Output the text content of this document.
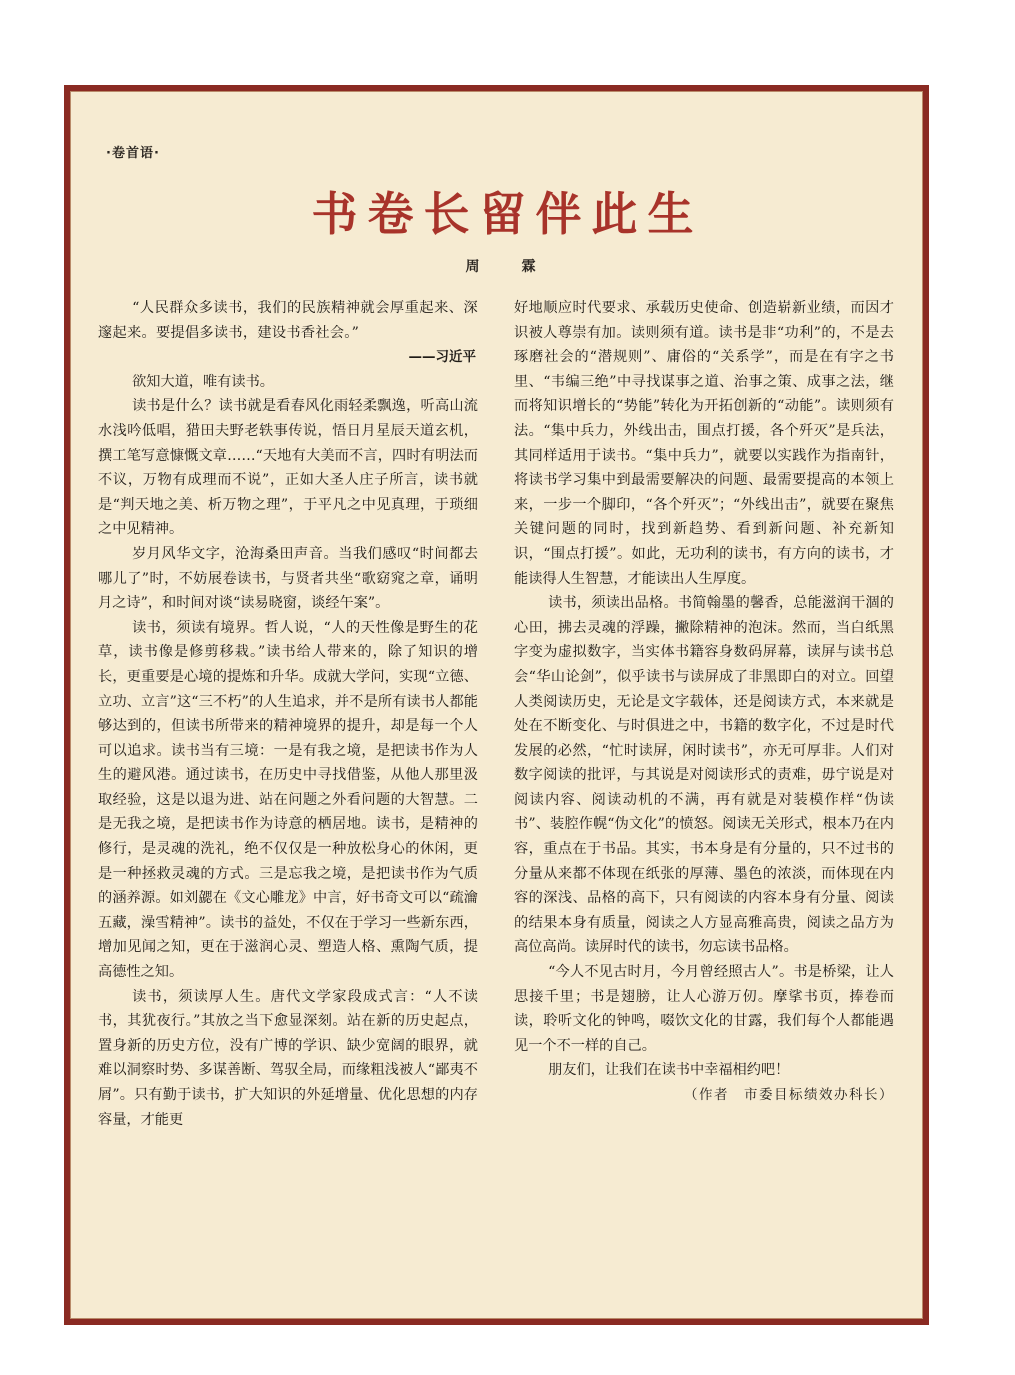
·卷首语·
书卷长留伴此生
周　霖

“人民群众多读书，我们的民族精神就会厚重起来、深邃起来。要提倡多读书，建设书香社会。”

——习近平

欲知大道，唯有读书。

读书是什么？读书就是看春风化雨轻柔飘逸，听高山流水浅吟低唱，猎田夫野老轶事传说，悟日月星辰天道玄机，撰工笔写意慷慨文章……“天地有大美而不言，四时有明法而不议，万物有成理而不说”，正如大圣人庄子所言，读书就是“判天地之美、析万物之理”，于平凡之中见真理，于琐细之中见精神。

岁月风华文字，沧海桑田声音。当我们感叹“时间都去哪儿了”时，不妨展卷读书，与贤者共坐“歌窈窕之章，诵明月之诗”，和时间对谈“读易晓窗，谈经午案”。

读书，须读有境界。哲人说，“人的天性像是野生的花草，读书像是修剪移栽。”读书给人带来的，除了知识的增长，更重要是心境的提炼和升华。成就大学问，实现“立德、立功、立言”这“三不朽”的人生追求，并不是所有读书人都能够达到的，但读书所带来的精神境界的提升，却是每一个人可以追求。读书当有三境：一是有我之境，是把读书作为人生的避风港。通过读书，在历史中寻找借鉴，从他人那里汲取经验，这是以退为进、站在问题之外看问题的大智慧。二是无我之境，是把读书作为诗意的栖居地。读书，是精神的修行，是灵魂的洗礼，绝不仅仅是一种放松身心的休闲，更是一种拯救灵魂的方式。三是忘我之境，是把读书作为气质的涵养源。如刘勰在《文心雕龙》中言，好书奇文可以“疏瀹五藏，澡雪精神”。读书的益处，不仅在于学习一些新东西，增加见闻之知，更在于滋润心灵、塑造人格、熏陶气质，提高德性之知。

读书，须读厚人生。唐代文学家段成式言：“人不读书，其犹夜行。”其放之当下愈显深刻。站在新的历史起点，置身新的历史方位，没有广博的学识、缺少宽阔的眼界，就难以洞察时势、多谋善断、驾驭全局，而缘粗浅被人“鄙夷不屑”。只有勤于读书，扩大知识的外延增量、优化思想的内存容量，才能更

好地顺应时代要求、承载历史使命、创造崭新业绩，而因才识被人尊崇有加。读则须有道。读书是非“功利”的，不是去琢磨社会的“潜规则”、庸俗的“关系学”，而是在有字之书里、“韦编三绝”中寻找谋事之道、治事之策、成事之法，继而将知识增长的“势能”转化为开拓创新的“动能”。读则须有法。“集中兵力，外线出击，围点打援，各个歼灭”是兵法，其同样适用于读书。“集中兵力”，就要以实践作为指南针，将读书学习集中到最需要解决的问题、最需要提高的本领上来，一步一个脚印，“各个歼灭”；“外线出击”，就要在聚焦关键问题的同时，找到新趋势、看到新问题、补充新知识，“围点打援”。如此，无功利的读书，有方向的读书，才能读得人生智慧，才能读出人生厚度。

读书，须读出品格。书简翰墨的馨香，总能滋润干涸的心田，拂去灵魂的浮躁，撇除精神的泡沫。然而，当白纸黑字变为虚拟数字，当实体书籍容身数码屏幕，读屏与读书总会“华山论剑”，似乎读书与读屏成了非黑即白的对立。回望人类阅读历史，无论是文字载体，还是阅读方式，本来就是处在不断变化、与时俱进之中，书籍的数字化，不过是时代发展的必然，“忙时读屏，闲时读书”，亦无可厚非。人们对数字阅读的批评，与其说是对阅读形式的责难，毋宁说是对阅读内容、阅读动机的不满，再有就是对装模作样“伪读书”、装腔作幌“伪文化”的愤怒。阅读无关形式，根本乃在内容，重点在于书品。其实，书本身是有分量的，只不过书的分量从来都不体现在纸张的厚薄、墨色的浓淡，而体现在内容的深浅、品格的高下，只有阅读的内容本身有分量、阅读的结果本身有质量，阅读之人方显高雅高贵，阅读之品方为高位高尚。读屏时代的读书，勿忘读书品格。

“今人不见古时月，今月曾经照古人”。书是桥梁，让人思接千里；书是翅膀，让人心游万仞。摩挲书页，捧卷而读，聆听文化的钟鸣，啜饮文化的甘露，我们每个人都能遇见一个不一样的自己。

朋友们，让我们在读书中幸福相约吧！

（作者　市委目标绩效办科长）
